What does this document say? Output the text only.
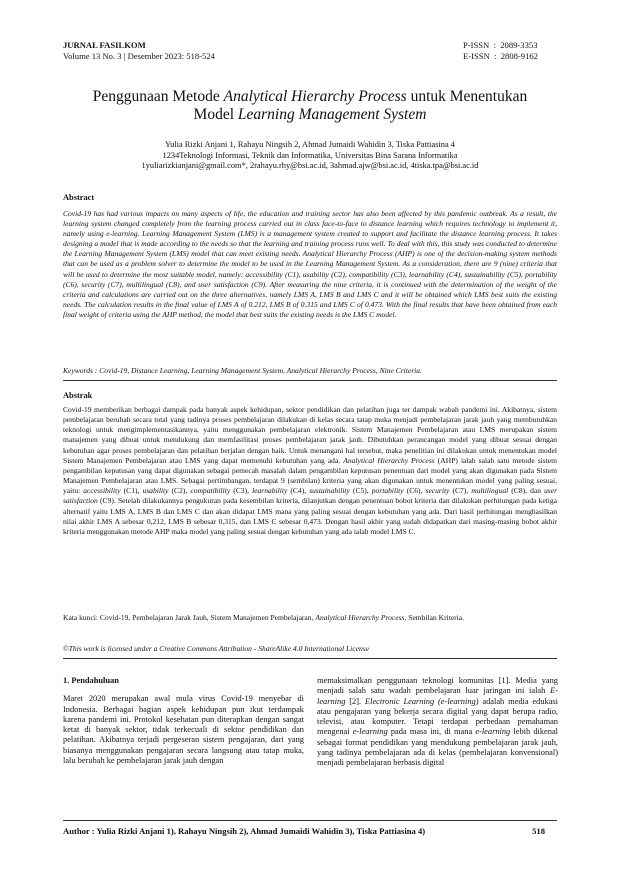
JURNAL FASILKOM
Volume 13 No. 3 | Desember 2023: 518-524
P-ISSN  :  2089-3353
E-ISSN  :  2808-9162
Penggunaan Metode Analytical Hierarchy Process untuk Menentukan
Model Learning Management System
Yulia Rizki Anjani 1, Rahayu Ningsih 2, Ahmad Jumaidi Wahidin 3, Tiska Pattiasina 4
1234Teknologi Informasi, Teknik dan Informatika, Universitas Bina Sarana Informatika
1yuliarizkianjani@gmail.com*, 2rahayu.rhy@bsi.ac.id, 3ahmad.ajw@bsi.ac.id, 4tiska.tpa@bsi.ac.id
Abstract
Covid-19 has had various impacts on many aspects of life, the education and training sector has also been affected by this pandemic outbreak. As a result, the learning system changed completely from the learning process carried out in class face-to-face to distance learning which requires technology to implement it, namely using e-learning. Learning Management System (LMS) is a management system created to support and facilitate the distance learning process. It takes designing a model that is made according to the needs so that the learning and training process runs well. To deal with this, this study was conducted to determine the Learning Management System (LMS) model that can meet existing needs. Analytical Hierarchy Process (AHP) is one of the decision-making system methods that can be used as a problem solver to determine the model to be used in the Learning Management System. As a consideration, there are 9 (nine) criteria that will be used to determine the most suitable model, namely: accessibility (C1), usability (C2), compatibility (C3), learnability (C4), sustainability (C5), portability (C6), security (C7), multilingual (C8), and user satisfaction (C9). After measuring the nine criteria, it is continued with the determination of the weight of the criteria and calculations are carried out on the three alternatives, namely LMS A, LMS B and LMS C and it will be obtained which LMS best suits the existing needs. The calculation results in the final value of LMS A of 0.212, LMS B of 0.315 and LMS C of 0.473. With the final results that have been obtained from each final weight of criteria using the AHP method, the model that best suits the existing needs is the LMS C model.
Keywords : Covid-19, Distance Learning, Learning Management System, Analytical Hierarchy Process, Nine Criteria.
Abstrak
Covid-19 memberikan berbagai dampak pada banyak aspek kehidupan, sektor pendidikan dan pelatihan juga ter dampak wabah pandemi ini. Akibatnya, sistem pembelajaran berubah secara total yang tadinya proses pembelajaran dilakukan di kelas secara tatap muka menjadi pembelajaran jarak jauh yang membutuhkan teknologi untuk mengimplementasikannya, yaitu menggunakan pembelajaran elektronik. Sistem Manajemen Pembelajaran atau LMS merupakan sistem manajemen yang dibuat untuk mendukung dan memfasilitasi proses pembelajaran jarak jauh. Dibutuhkan perancangan model yang dibuat sesuai dengan kebutuhan agar proses pembelajaran dan pelatihan berjalan dengan baik. Untuk menangani hal tersebut, maka penelitian ini dilakukan untuk menentukan model Sistem Manajemen Pembelajaran atau LMS yang dapat memenuhi kebutuhan yang ada. Analytical Hierarchy Process (AHP) ialah salah satu metode sistem pengambilan keputusan yang dapat digunakan sebagai pemecah masalah dalam pengambilan keputusan penentuan dari model yang akan digunakan pada Sistem Manajemen Pembelajaran atau LMS. Sebagai pertimbangan, terdapat 9 (sembilan) kriteria yang akan digunakan untuk menentukan model yang paling sesuai, yaitu: accessibility (C1), usability (C2), compatibility (C3), learnability (C4), sustainability (C5), portability (C6), security (C7), multilingual (C8), dan user satisfaction (C9). Setelah dilakukannya pengukuran pada kesembilan kriteria, dilanjutkan dengan penentuan bobot kriteria dan dilakukan perhitungan pada ketiga alternatif yaitu LMS A, LMS B dan LMS C dan akan didapat LMS mana yang paling sesuai dengan kebutuhan yang ada. Dari hasil perhitungan menghasilkan nilai akhir LMS A sebesar 0,212, LMS B sebesar 0,315, dan LMS C sebesar 0,473. Dengan hasil akhir yang sudah didapatkan dari masing-masing bobot akhir kriteria menggunakan metode AHP maka model yang paling sesuai dengan kebutuhan yang ada ialah model LMS C.
Kata kunci: Covid-19, Pembelajaran Jarak Jauh, Sistem Manajemen Pembelajaran, Analytical Hierarchy Process, Sembilan Kriteria.
©This work is licensed under a Creative Commons Attribution - ShareAlike 4.0 International License

1. Pendahuluan

Maret 2020 merupakan awal mula virus Covid-19 menyebar di Indonesia. Berbagai bagian aspek kehidupan pun ikut terdampak karena pandemi ini. Protokol kesehatan pun diterapkan dengan sangat ketat di banyak sektor, tidak terkecuali di sektor pendidikan dan pelatihan. Akibatnya terjadi pergeseran sistem pengajaran, dari yang biasanya menggunakan pengajaran secara langsung atau tatap muka, lalu berubah ke pembelajaran jarak jauh dengan

memaksimalkan penggunaan teknologi komunitas [1]. Media yang menjadi salah satu wadah pembelajaran luar jaringan ini ialah E-learning [2]. Electronic Learning (e-learning) adalah media edukasi atau pengajaran yang bekerja secara digital yang dapat berupa radio, televisi, atau komputer. Tetapi terdapat perbedaan pemahaman mengenai e-learning pada masa ini, di mana e-learning lebih dikenal sebagai format pendidikan yang mendukung pembelajaran jarak jauh, yang tadinya pembelajaran ada di kelas (pembelajaran konvensional) menjadi pembelajaran berbasis digital

Author : Yulia Rizki Anjani 1), Rahayu Ningsih 2), Ahmad Jumaidi Wahidin 3), Tiska Pattiasina 4)	518
